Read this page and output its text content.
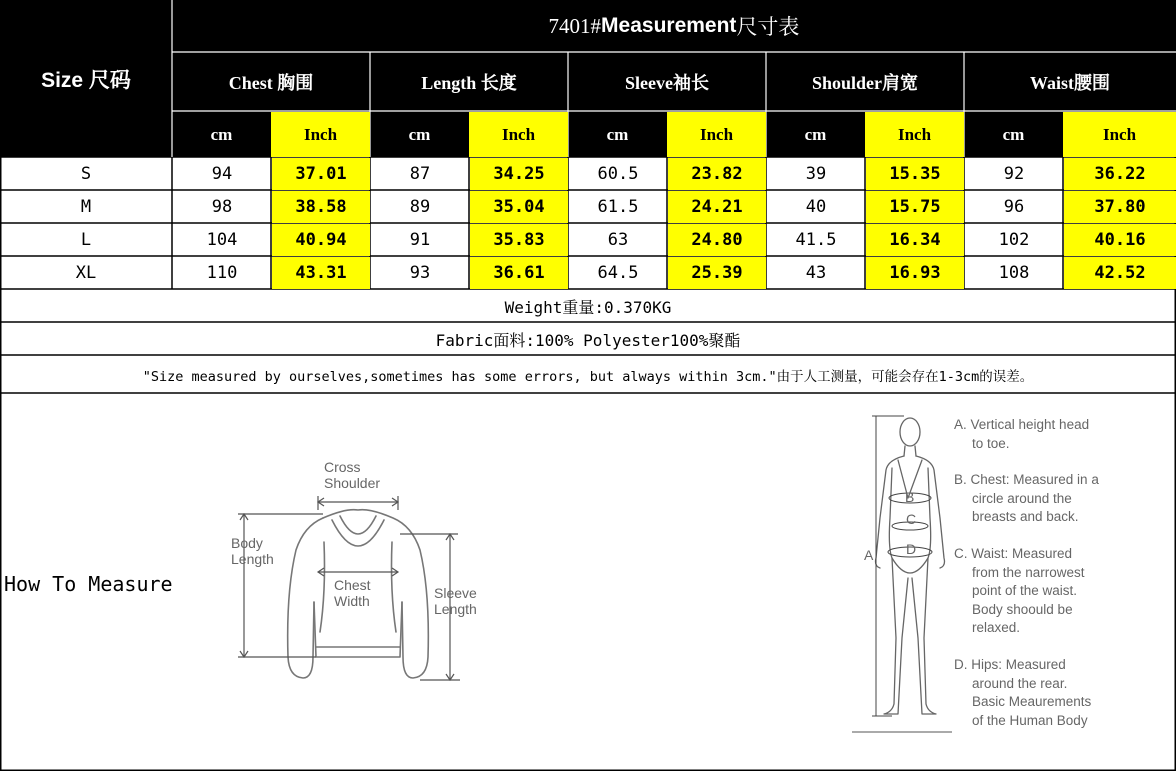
7401# Measurement 尺寸表
Size 尺码	Chest 胸围	Length 长度	Sleeve袖长	Shoulder肩宽	Waist腰围
cm	Inch	cm	Inch	cm	Inch	cm	Inch	cm	Inch
S	94	37.01	87	34.25	60.5	23.82	39	15.35	92	36.22
M	98	38.58	89	35.04	61.5	24.21	40	15.75	96	37.80
L	104	40.94	91	35.83	63	24.80	41.5	16.34	102	40.16
XL	110	43.31	93	36.61	64.5	25.39	43	16.93	108	42.52
Weight重量:0.370KG
Fabric面料:100% Polyester100%聚酯
"Size measured by ourselves,sometimes has some errors, but always within 3cm."由于人工测量，可能会存在1-3cm的误差。
How To Measure
Cross
Shoulder
Body
Length
Chest
Width	Sleeve
Length
B
C
D
A
A. Vertical height head
to toe.
B. Chest: Measured in a
circle around the
breasts and back.
C. Waist: Measured
from the narrowest
point of the waist.
Body shoould be
relaxed.
D. Hips: Measured
around the rear.
Basic Meaurements
of the Human Body
